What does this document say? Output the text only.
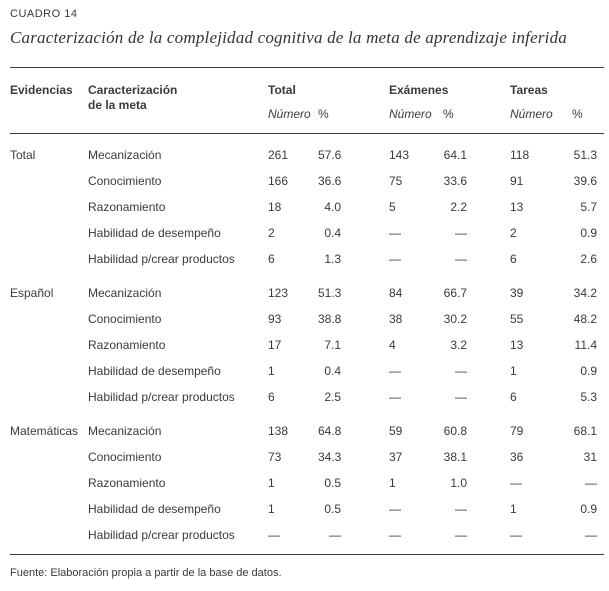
CUADRO 14
Caracterización de la complejidad cognitiva de la meta de aprendizaje inferida
Evidencias	Caracterización
de la meta	Total		Exámenes		Tareas	
		Número	%	Número	%	Número	%
Total	Mecanización	261	57.6	143	64.1	118	51.3
	Conocimiento	166	36.6	75	33.6	91	39.6
	Razonamiento	18	4.0	5	2.2	13	5.7
	Habilidad de desempeño	2	0.4	—	—	2	0.9
	Habilidad p/crear productos	6	1.3	—	—	6	2.6
Español	Mecanización	123	51.3	84	66.7	39	34.2
	Conocimiento	93	38.8	38	30.2	55	48.2
	Razonamiento	17	7.1	4	3.2	13	11.4
	Habilidad de desempeño	1	0.4	—	—	1	0.9
	Habilidad p/crear productos	6	2.5	—	—	6	5.3
Matemáticas	Mecanización	138	64.8	59	60.8	79	68.1
	Conocimiento	73	34.3	37	38.1	36	31
	Razonamiento	1	0.5	1	1.0	—	—
	Habilidad de desempeño	1	0.5	—	—	1	0.9
	Habilidad p/crear productos	—	—	—	—	—	—
Fuente: Elaboración propia a partir de la base de datos.
